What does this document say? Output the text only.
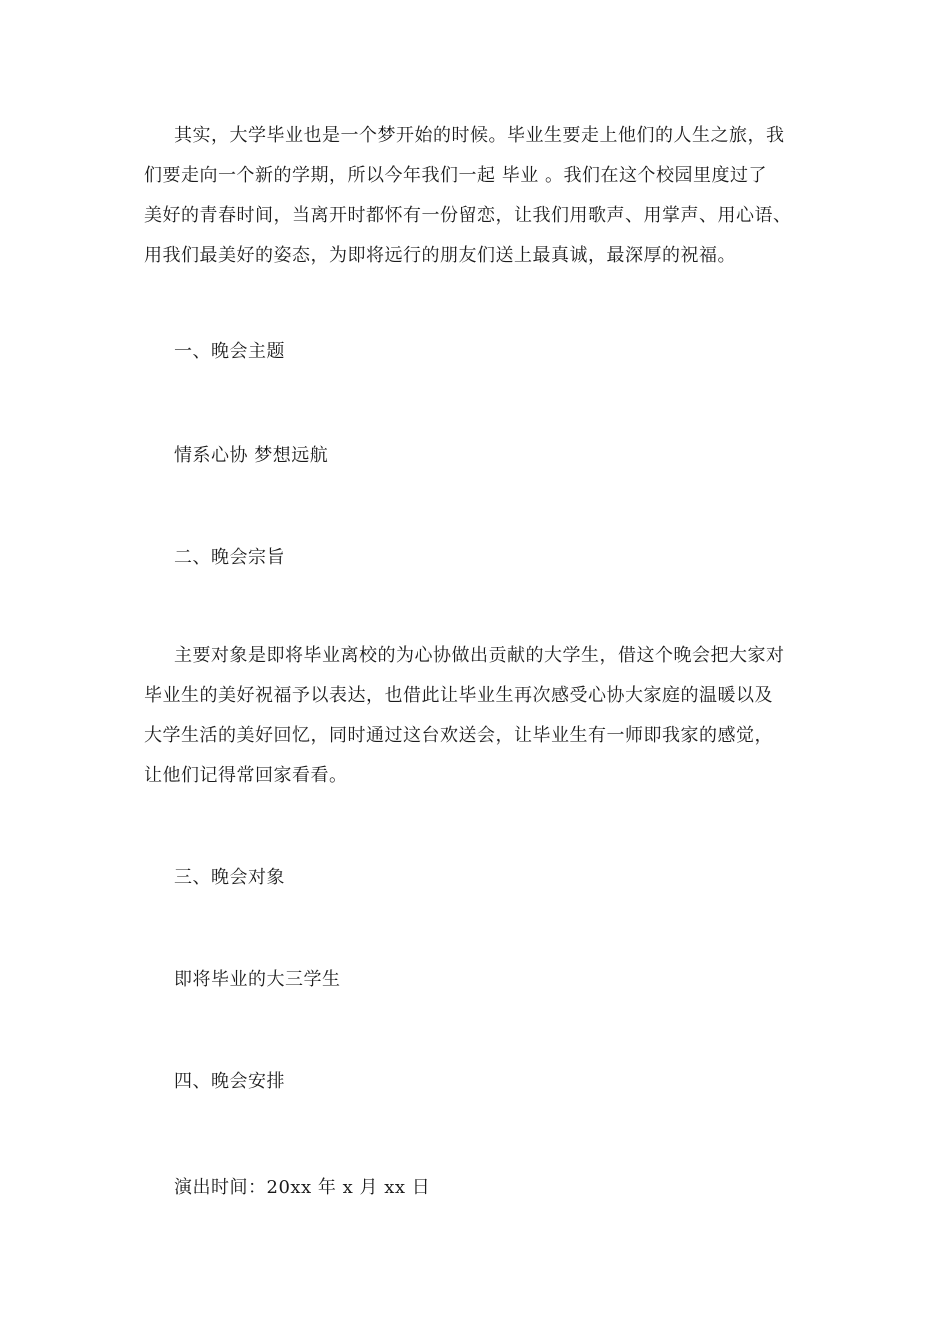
其实，大学毕业也是一个梦开始的时候。毕业生要走上他们的人生之旅，我
们要走向一个新的学期，所以今年我们一起 毕业 。我们在这个校园里度过了
美好的青春时间，当离开时都怀有一份留恋，让我们用歌声、用掌声、用心语、
用我们最美好的姿态，为即将远行的朋友们送上最真诚，最深厚的祝福。
一、晚会主题
情系心协 梦想远航
二、晚会宗旨
主要对象是即将毕业离校的为心协做出贡献的大学生，借这个晚会把大家对
毕业生的美好祝福予以表达，也借此让毕业生再次感受心协大家庭的温暖以及
大学生活的美好回忆，同时通过这台欢送会，让毕业生有一师即我家的感觉，
让他们记得常回家看看。
三、晚会对象
即将毕业的大三学生
四、晚会安排
演出时间：20xx 年 x 月 xx 日
